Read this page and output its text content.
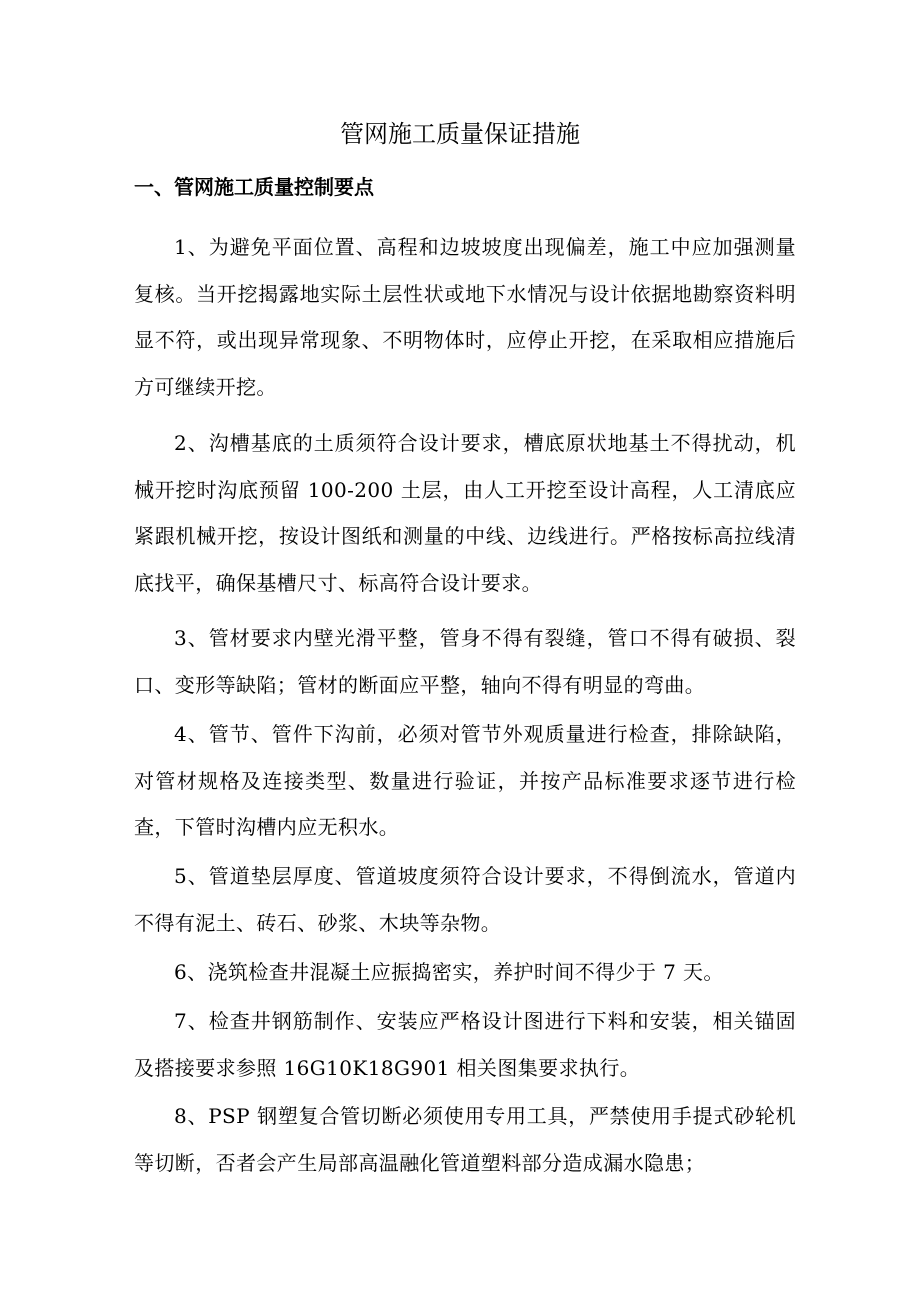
管网施工质量保证措施
一、管网施工质量控制要点

1、为避免平面位置、高程和边坡坡度出现偏差，施工中应加强测量复核。当开挖揭露地实际土层性状或地下水情况与设计依据地勘察资料明显不符，或出现异常现象、不明物体时，应停止开挖，在采取相应措施后方可继续开挖。

2、沟槽基底的土质须符合设计要求，槽底原状地基土不得扰动，机械开挖时沟底预留 100-200 土层，由人工开挖至设计高程，人工清底应紧跟机械开挖，按设计图纸和测量的中线、边线进行。严格按标高拉线清底找平，确保基槽尺寸、标高符合设计要求。

3、管材要求内壁光滑平整，管身不得有裂缝，管口不得有破损、裂口、变形等缺陷；管材的断面应平整，轴向不得有明显的弯曲。

4、管节、管件下沟前，必须对管节外观质量进行检查，排除缺陷，对管材规格及连接类型、数量进行验证，并按产品标准要求逐节进行检查，下管时沟槽内应无积水。

5、管道垫层厚度、管道坡度须符合设计要求，不得倒流水，管道内不得有泥土、砖石、砂浆、木块等杂物。

6、浇筑检查井混凝土应振捣密实，养护时间不得少于 7 天。

7、检查井钢筋制作、安装应严格设计图进行下料和安装，相关锚固及搭接要求参照 16G10K18G901 相关图集要求执行。

8、PSP 钢塑复合管切断必须使用专用工具，严禁使用手提式砂轮机等切断，否者会产生局部高温融化管道塑料部分造成漏水隐患；
